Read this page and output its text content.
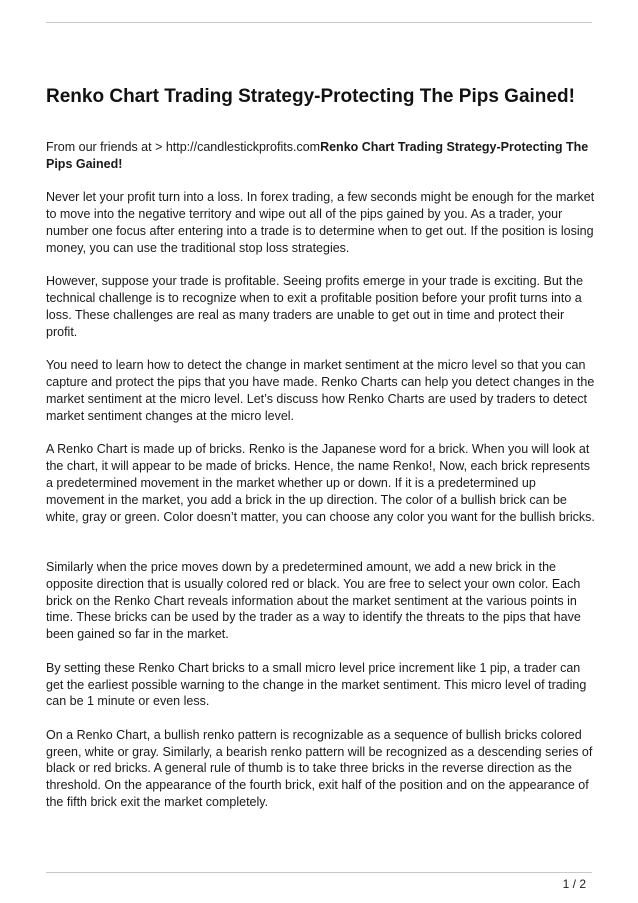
Renko Chart Trading Strategy-Protecting The Pips Gained!

From our friends at > http://candlestickprofits.comRenko Chart Trading Strategy-Protecting The Pips Gained!

Never let your profit turn into a loss. In forex trading, a few seconds might be enough for the market to move into the negative territory and wipe out all of the pips gained by you. As a trader, your number one focus after entering into a trade is to determine when to get out. If the position is losing money, you can use the traditional stop loss strategies.

However, suppose your trade is profitable. Seeing profits emerge in your trade is exciting. But the technical challenge is to recognize when to exit a profitable position before your profit turns into a loss. These challenges are real as many traders are unable to get out in time and protect their profit.

You need to learn how to detect the change in market sentiment at the micro level so that you can capture and protect the pips that you have made. Renko Charts can help you detect changes in the market sentiment at the micro level. Let’s discuss how Renko Charts are used by traders to detect market sentiment changes at the micro level.

A Renko Chart is made up of bricks. Renko is the Japanese word for a brick. When you will look at the chart, it will appear to be made of bricks. Hence, the name Renko!, Now, each brick represents a predetermined movement in the market whether up or down. If it is a predetermined up movement in the market, you add a brick in the up direction. The color of a bullish brick can be white, gray or green. Color doesn’t matter, you can choose any color you want for the bullish bricks.

Similarly when the price moves down by a predetermined amount, we add a new brick in the opposite direction that is usually colored red or black. You are free to select your own color. Each brick on the Renko Chart reveals information about the market sentiment at the various points in time. These bricks can be used by the trader as a way to identify the threats to the pips that have been gained so far in the market.

By setting these Renko Chart bricks to a small micro level price increment like 1 pip, a trader can get the earliest possible warning to the change in the market sentiment. This micro level of trading can be 1 minute or even less.

On a Renko Chart, a bullish renko pattern is recognizable as a sequence of bullish bricks colored green, white or gray. Similarly, a bearish renko pattern will be recognized as a descending series of black or red bricks. A general rule of thumb is to take three bricks in the reverse direction as the threshold. On the appearance of the fourth brick, exit half of the position and on the appearance of the fifth brick exit the market completely.

1 / 2
